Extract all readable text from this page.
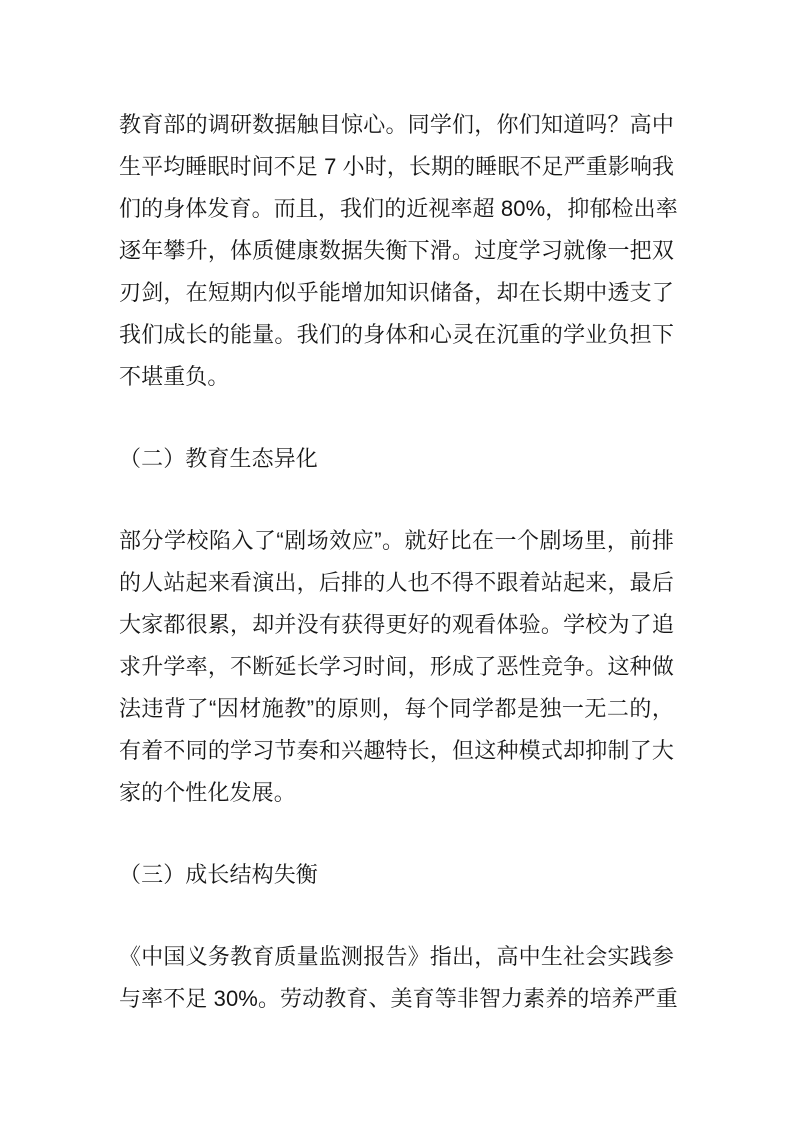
教育部的调研数据触目惊心。同学们，你们知道吗？高中
生平均睡眠时间不足 7 小时，长期的睡眠不足严重影响我
们的身体发育。而且，我们的近视率超 80%，抑郁检出率
逐年攀升，体质健康数据失衡下滑。过度学习就像一把双
刃剑，在短期内似乎能增加知识储备，却在长期中透支了
我们成长的能量。我们的身体和心灵在沉重的学业负担下
不堪重负。

（二）教育生态异化

部分学校陷入了“剧场效应”。就好比在一个剧场里，前排
的人站起来看演出，后排的人也不得不跟着站起来，最后
大家都很累，却并没有获得更好的观看体验。学校为了追
求升学率，不断延长学习时间，形成了恶性竞争。这种做
法违背了“因材施教”的原则，每个同学都是独一无二的，
有着不同的学习节奏和兴趣特长，但这种模式却抑制了大
家的个性化发展。

（三）成长结构失衡

《中国义务教育质量监测报告》指出，高中生社会实践参
与率不足 30%。劳动教育、美育等非智力素养的培养严重
